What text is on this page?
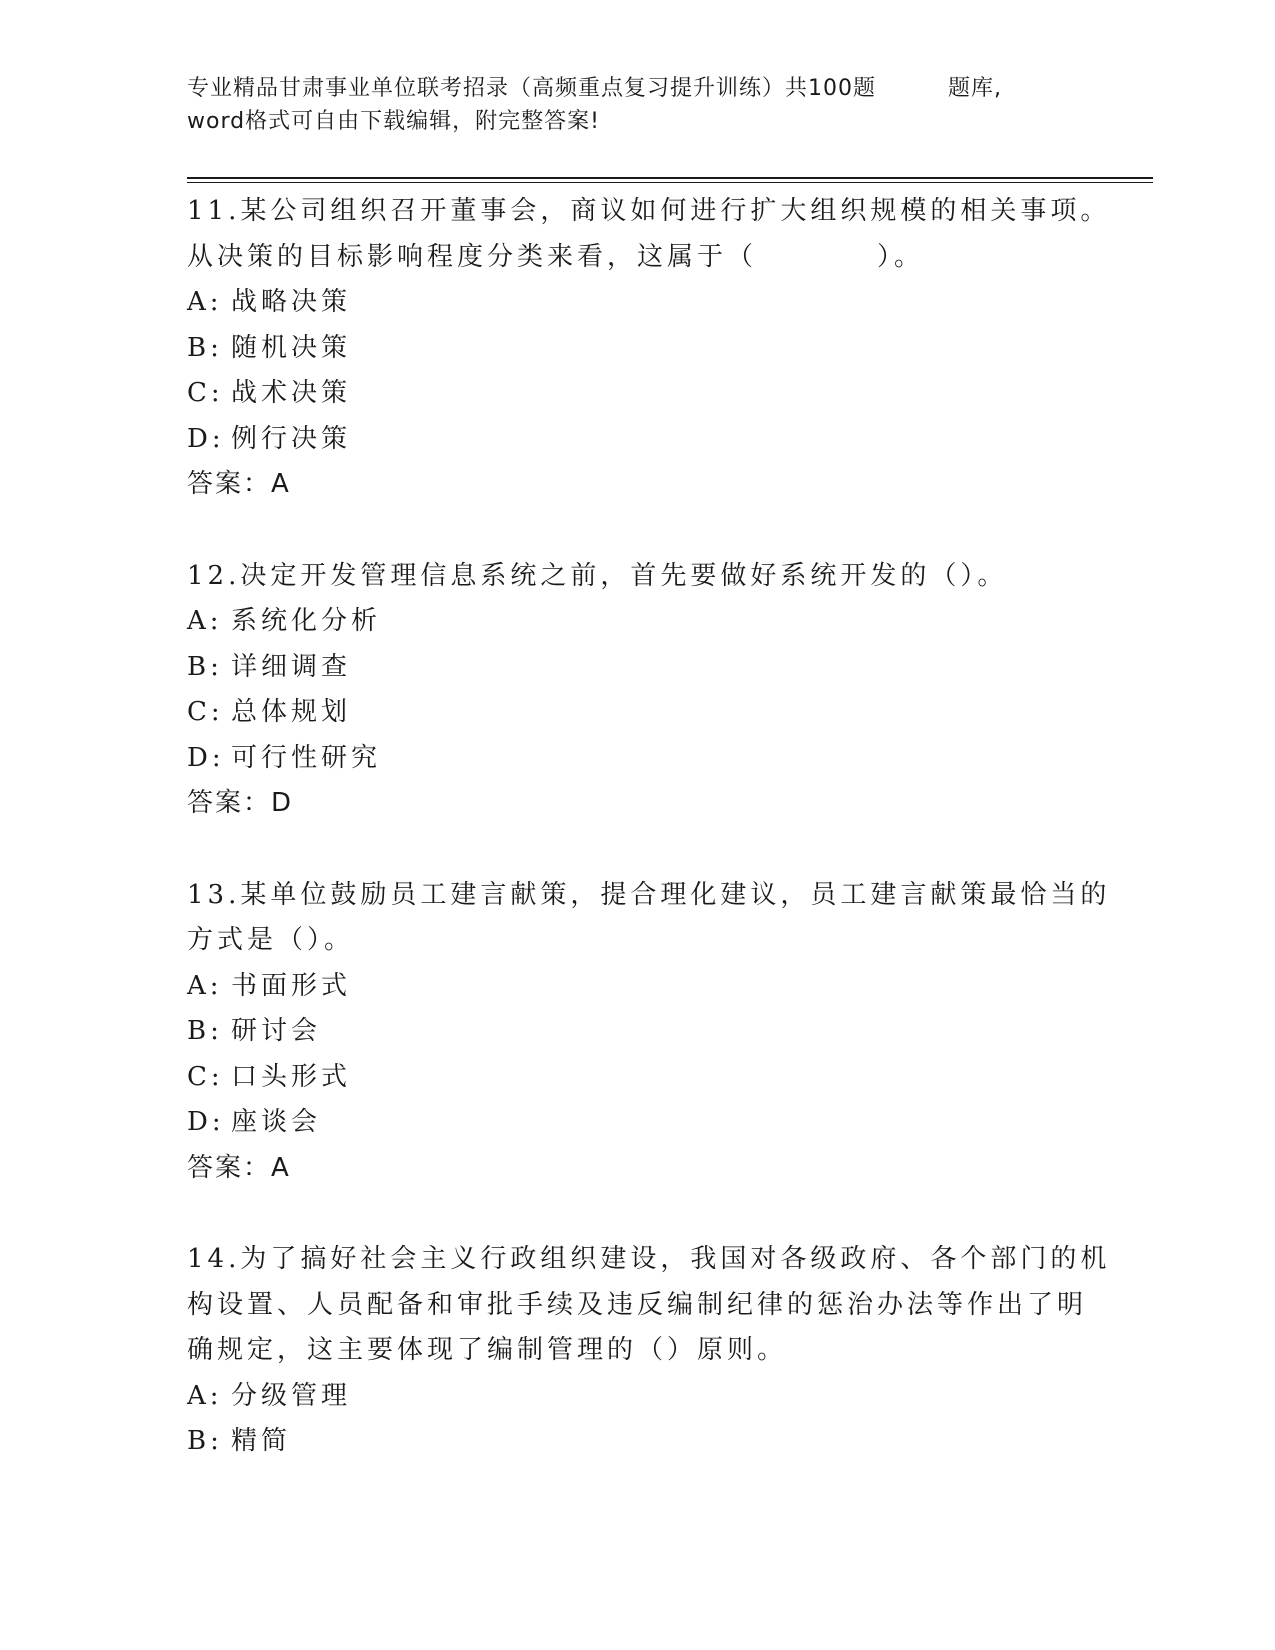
专业精品甘肃事业单位联考招录（高频重点复习提升训练）共100题	题库,
word格式可自由下载编辑，附完整答案!
11.某公司组织召开董事会，商议如何进行扩大组织规模的相关事项。
从决策的目标影响程度分类来看，这属于（　　　　）。
A: 战略决策
B: 随机决策
C: 战术决策
D: 例行决策
答案：A
12.决定开发管理信息系统之前，首先要做好系统开发的（）。
A: 系统化分析
B: 详细调查
C: 总体规划
D: 可行性研究
答案：D
13.某单位鼓励员工建言献策，提合理化建议，员工建言献策最恰当的
方式是（）。
A: 书面形式
B: 研讨会
C: 口头形式
D: 座谈会
答案：A
14.为了搞好社会主义行政组织建设，我国对各级政府、各个部门的机
构设置、人员配备和审批手续及违反编制纪律的惩治办法等作出了明
确规定，这主要体现了编制管理的（）原则。
A: 分级管理
B: 精简
